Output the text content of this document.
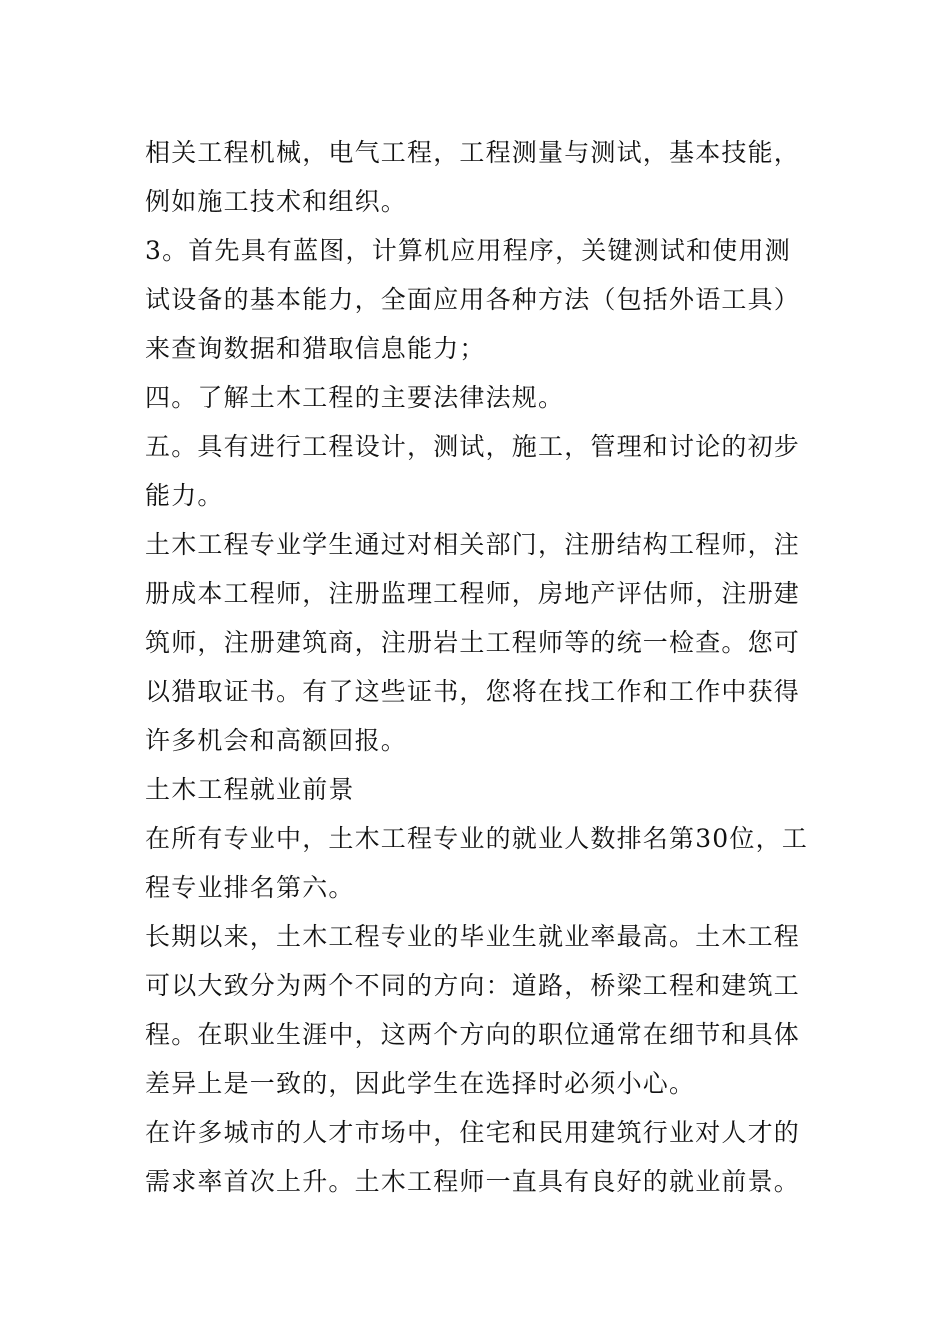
相关工程机械，电气工程，工程测量与测试，基本技能，例如施工技术和组织。

3。首先具有蓝图，计算机应用程序，关键测试和使用测试设备的基本能力，全面应用各种方法（包括外语工具）来查询数据和猎取信息能力；

四。了解土木工程的主要法律法规。

五。具有进行工程设计，测试，施工，管理和讨论的初步能力。

土木工程专业学生通过对相关部门，注册结构工程师，注册成本工程师，注册监理工程师，房地产评估师，注册建筑师，注册建筑商，注册岩土工程师等的统一检查。您可以猎取证书。有了这些证书，您将在找工作和工作中获得许多机会和高额回报。

土木工程就业前景

在所有专业中，土木工程专业的就业人数排名第30位，工程专业排名第六。

长期以来，土木工程专业的毕业生就业率最高。土木工程可以大致分为两个不同的方向：道路，桥梁工程和建筑工程。在职业生涯中，这两个方向的职位通常在细节和具体差异上是一致的，因此学生在选择时必须小心。

在许多城市的人才市场中，住宅和民用建筑行业对人才的需求率首次上升。土木工程师一直具有良好的就业前景。
